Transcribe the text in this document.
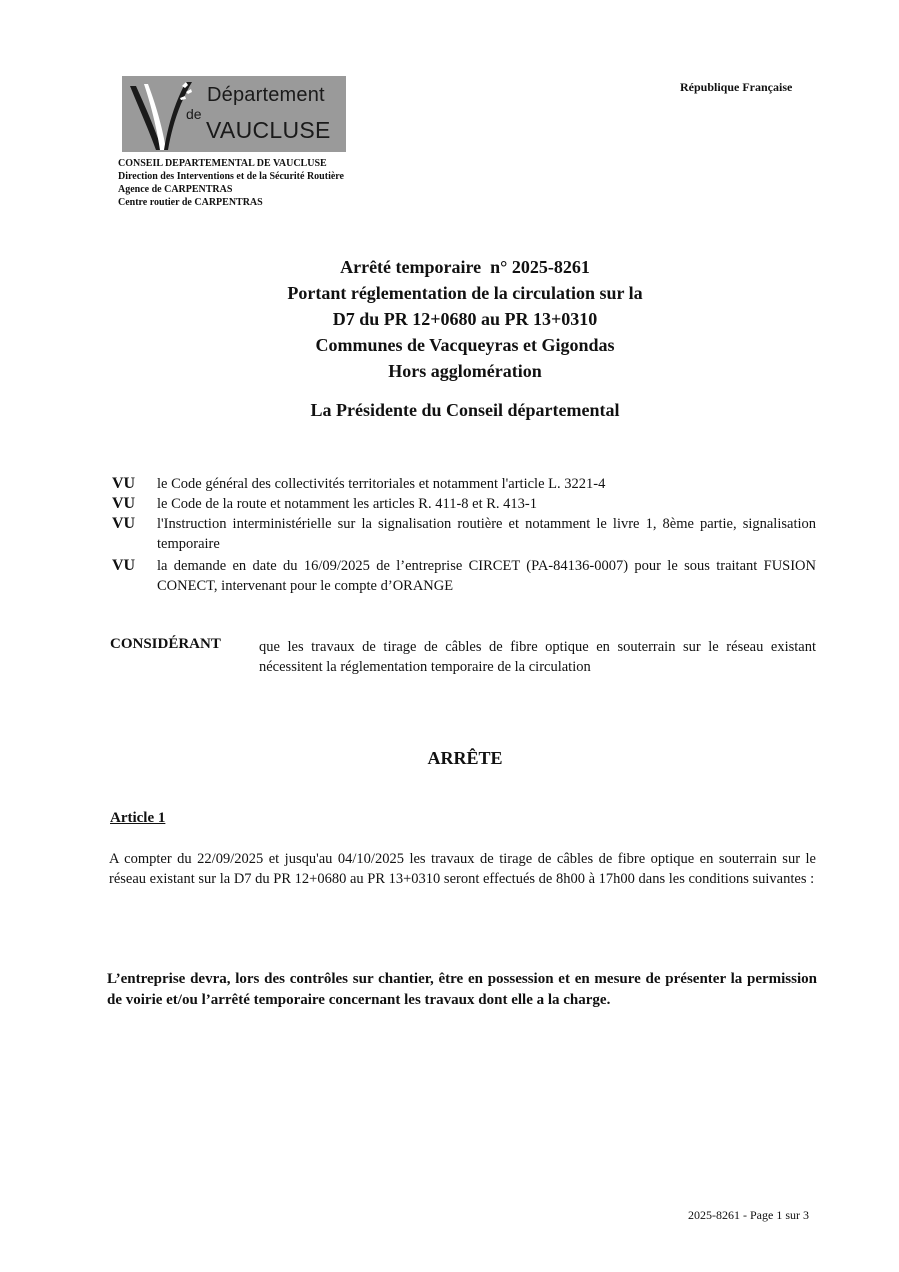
Département
de
VAUCLUSE
CONSEIL DEPARTEMENTAL DE VAUCLUSE
Direction des Interventions et de la Sécurité Routière
Agence de CARPENTRAS
Centre routier de CARPENTRAS
République Française
Arrêté temporaire  n° 2025-8261
Portant réglementation de la circulation sur la
D7 du PR 12+0680 au PR 13+0310
Communes de Vacqueyras et Gigondas
Hors agglomération
La Présidente du Conseil départemental
VU	le Code général des collectivités territoriales et notamment l'article L. 3221-4
VU	le Code de la route et notamment les articles R. 411-8 et R. 413-1
VU	l'Instruction interministérielle sur la signalisation routière et notamment le livre 1, 8ème partie, signalisation temporaire
VU	la demande en date du 16/09/2025 de l’entreprise CIRCET (PA-84136-0007) pour le sous traitant FUSION CONECT, intervenant pour le compte d’ORANGE
CONSIDÉRANT	que les travaux de tirage de câbles de fibre optique en souterrain sur le réseau existant nécessitent la réglementation temporaire de la circulation
ARRÊTE
Article 1
A compter du 22/09/2025 et jusqu'au 04/10/2025 les travaux de tirage de câbles de fibre optique en souterrain sur le réseau existant sur la D7 du PR 12+0680 au PR 13+0310 seront effectués de 8h00 à 17h00 dans les conditions suivantes :
L’entreprise devra, lors des contrôles sur chantier, être en possession et en mesure de présenter la permission de voirie et/ou l’arrêté temporaire concernant les travaux dont elle a la charge.
2025-8261 - Page 1 sur 3
